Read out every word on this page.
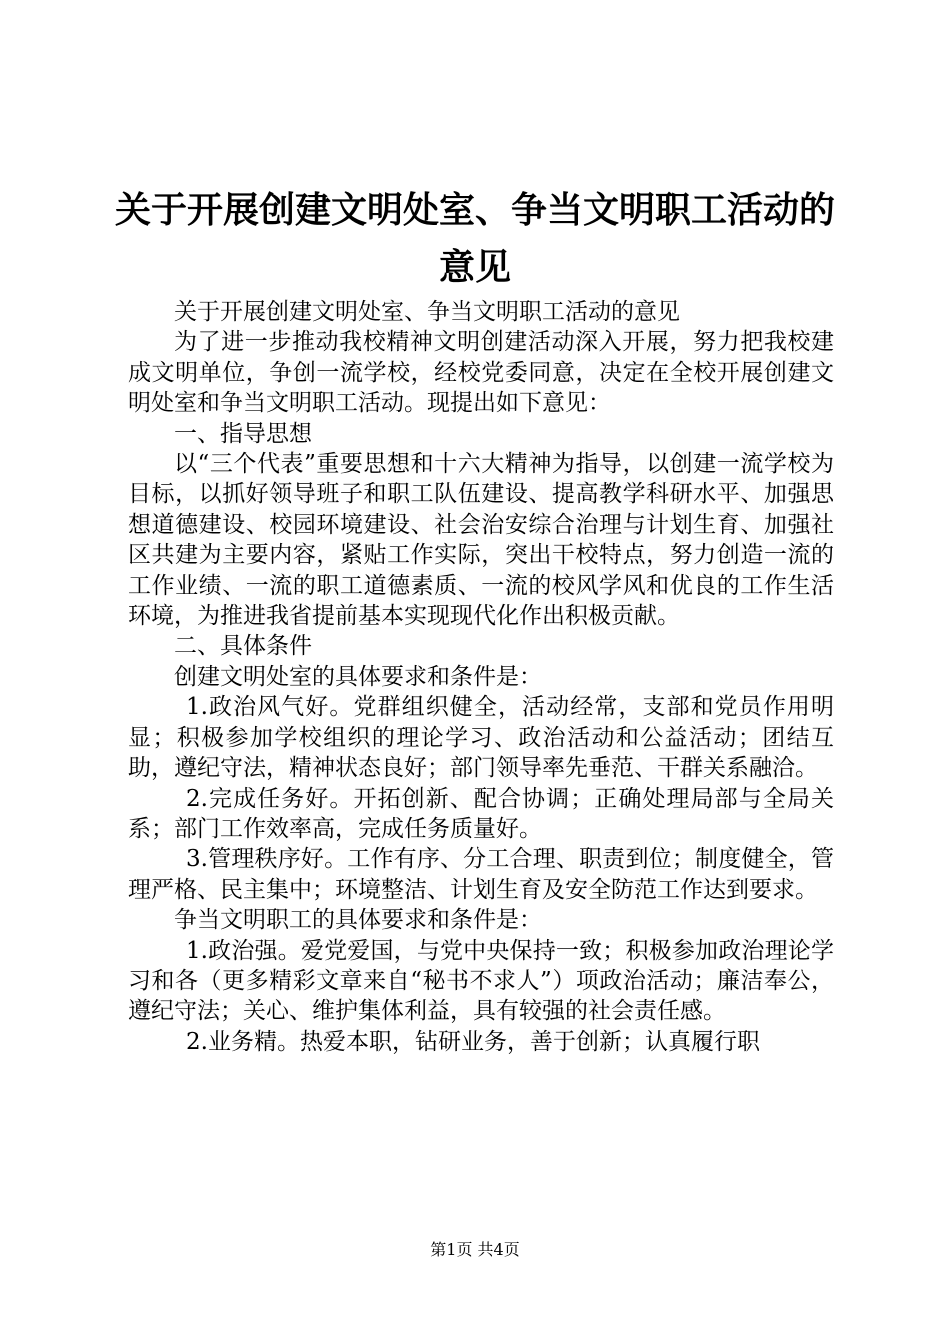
关于开展创建文明处室、争当文明职工活动的
意见

关于开展创建文明处室、争当文明职工活动的意见

为了进一步推动我校精神文明创建活动深入开展，努力把我校建成文明单位，争创一流学校，经校党委同意，决定在全校开展创建文明处室和争当文明职工活动。现提出如下意见：

一、指导思想

以“三个代表”重要思想和十六大精神为指导，以创建一流学校为目标，以抓好领导班子和职工队伍建设、提高教学科研水平、加强思想道德建设、校园环境建设、社会治安综合治理与计划生育、加强社区共建为主要内容，紧贴工作实际，突出干校特点，努力创造一流的工作业绩、一流的职工道德素质、一流的校风学风和优良的工作生活环境，为推进我省提前基本实现现代化作出积极贡献。

二、具体条件

创建文明处室的具体要求和条件是：

1.政治风气好。党群组织健全，活动经常，支部和党员作用明显；积极参加学校组织的理论学习、政治活动和公益活动；团结互助，遵纪守法，精神状态良好；部门领导率先垂范、干群关系融洽。

2.完成任务好。开拓创新、配合协调；正确处理局部与全局关系；部门工作效率高，完成任务质量好。

3.管理秩序好。工作有序、分工合理、职责到位；制度健全，管理严格、民主集中；环境整洁、计划生育及安全防范工作达到要求。

争当文明职工的具体要求和条件是：

1.政治强。爱党爱国，与党中央保持一致；积极参加政治理论学习和各（更多精彩文章来自“秘书不求人”）项政治活动；廉洁奉公，遵纪守法；关心、维护集体利益，具有较强的社会责任感。

2.业务精。热爱本职，钻研业务，善于创新；认真履行职

第1页 共4页
